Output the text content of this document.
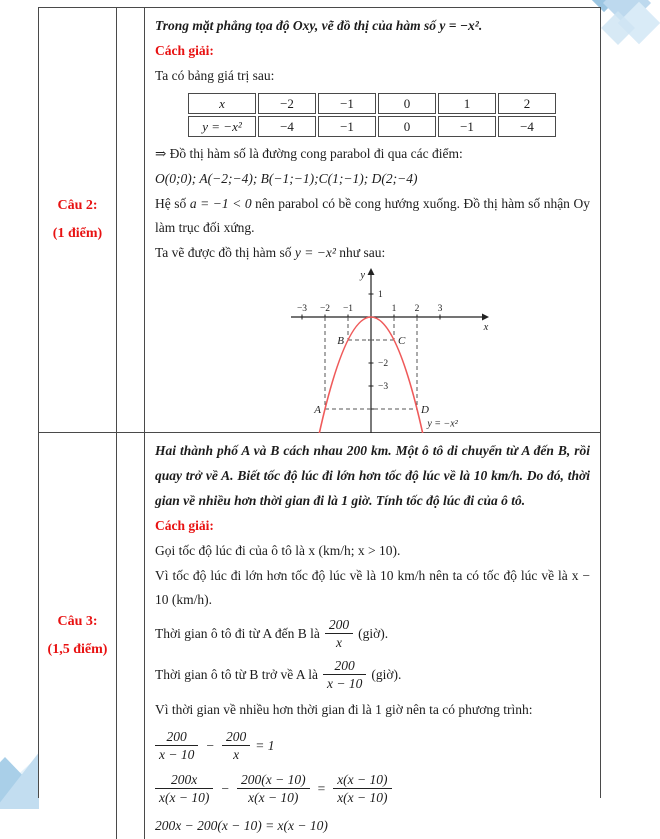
Câu 2:
(1 điểm)

Trong mặt phẳng tọa độ Oxy, vẽ đồ thị của hàm số y = −x².

Cách giải:

Ta có bảng giá trị sau:

x	−2	−1	0	1	2
y = −x²	−4	−1	0	−1	−4

⇒ Đồ thị hàm số là đường cong parabol đi qua các điểm:

O(0;0); A(−2;−4); B(−1;−1);C(1;−1); D(2;−4)

Hệ số a = −1 < 0 nên parabol có bề cong hướng xuống. Đồ thị hàm số nhận Oy làm trục đối xứng.

Ta vẽ được đồ thị hàm số y = −x² như sau:

y
x
−3 −2 −1	1 2 3
1
−2
−3
A
B	C
D
y = −x²
Câu 3:
(1,5 điểm)

Hai thành phố A và B cách nhau 200 km. Một ô tô di chuyển từ A đến B, rồi quay trở về A. Biết tốc độ lúc đi lớn hơn tốc độ lúc về là 10 km/h. Do đó, thời gian về nhiều hơn thời gian đi là 1 giờ. Tính tốc độ lúc đi của ô tô.

Cách giải:

Gọi tốc độ lúc đi của ô tô là x (km/h; x > 10).

Vì tốc độ lúc đi lớn hơn tốc độ lúc về là 10 km/h nên ta có tốc độ lúc về là x − 10 (km/h).

Thời gian ô tô đi từ A đến B là $\frac{200}{x}$ (giờ).
Thời gian ô tô từ B trở về A là $\frac{200}{x - 10}$ (giờ).

Vì thời gian về nhiều hơn thời gian đi là 1 giờ nên ta có phương trình:

$\frac{200}{x - 10} - \frac{200}{x} = 1$
$\frac{200x}{x(x - 10)} - \frac{200(x - 10)}{x(x - 10)} = \frac{x(x - 10)}{x(x - 10)}$

200x − 200(x − 10) = x(x − 10)
